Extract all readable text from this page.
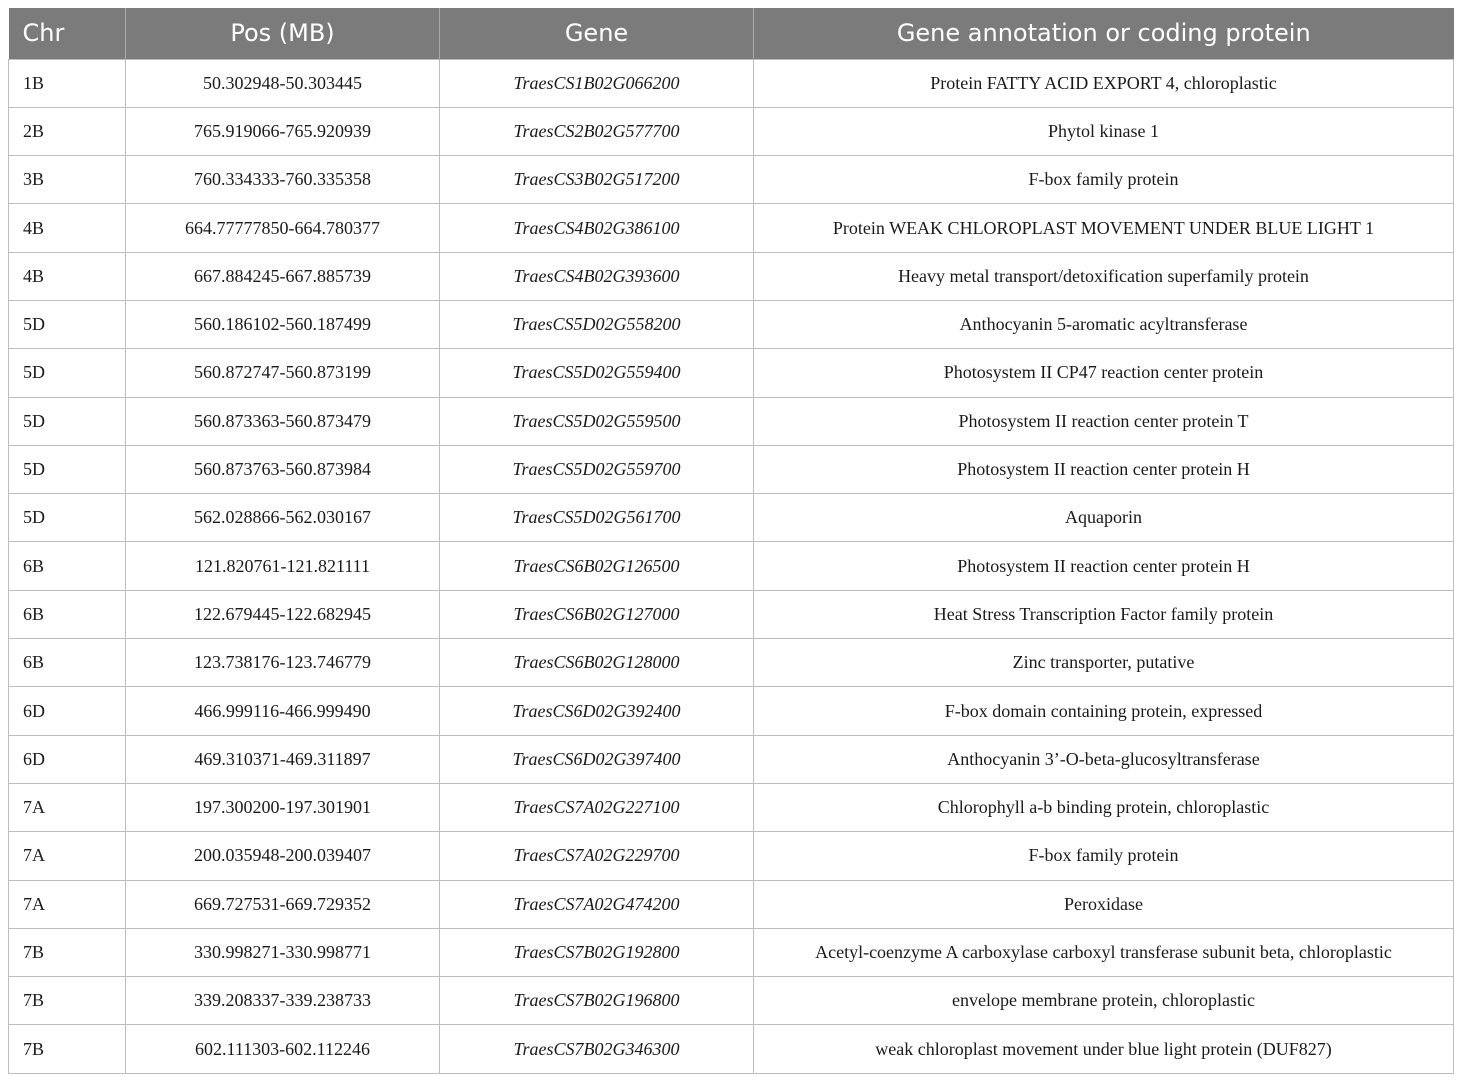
Chr	Pos (MB)	Gene	Gene annotation or coding protein
1B	50.302948-50.303445	TraesCS1B02G066200	Protein FATTY ACID EXPORT 4, chloroplastic
2B	765.919066-765.920939	TraesCS2B02G577700	Phytol kinase 1
3B	760.334333-760.335358	TraesCS3B02G517200	F-box family protein
4B	664.77777850-664.780377	TraesCS4B02G386100	Protein WEAK CHLOROPLAST MOVEMENT UNDER BLUE LIGHT 1
4B	667.884245-667.885739	TraesCS4B02G393600	Heavy metal transport/detoxification superfamily protein
5D	560.186102-560.187499	TraesCS5D02G558200	Anthocyanin 5-aromatic acyltransferase
5D	560.872747-560.873199	TraesCS5D02G559400	Photosystem II CP47 reaction center protein
5D	560.873363-560.873479	TraesCS5D02G559500	Photosystem II reaction center protein T
5D	560.873763-560.873984	TraesCS5D02G559700	Photosystem II reaction center protein H
5D	562.028866-562.030167	TraesCS5D02G561700	Aquaporin
6B	121.820761-121.821111	TraesCS6B02G126500	Photosystem II reaction center protein H
6B	122.679445-122.682945	TraesCS6B02G127000	Heat Stress Transcription Factor family protein
6B	123.738176-123.746779	TraesCS6B02G128000	Zinc transporter, putative
6D	466.999116-466.999490	TraesCS6D02G392400	F-box domain containing protein, expressed
6D	469.310371-469.311897	TraesCS6D02G397400	Anthocyanin 3’-O-beta-glucosyltransferase
7A	197.300200-197.301901	TraesCS7A02G227100	Chlorophyll a-b binding protein, chloroplastic
7A	200.035948-200.039407	TraesCS7A02G229700	F-box family protein
7A	669.727531-669.729352	TraesCS7A02G474200	Peroxidase
7B	330.998271-330.998771	TraesCS7B02G192800	Acetyl-coenzyme A carboxylase carboxyl transferase subunit beta, chloroplastic
7B	339.208337-339.238733	TraesCS7B02G196800	envelope membrane protein, chloroplastic
7B	602.111303-602.112246	TraesCS7B02G346300	weak chloroplast movement under blue light protein (DUF827)
